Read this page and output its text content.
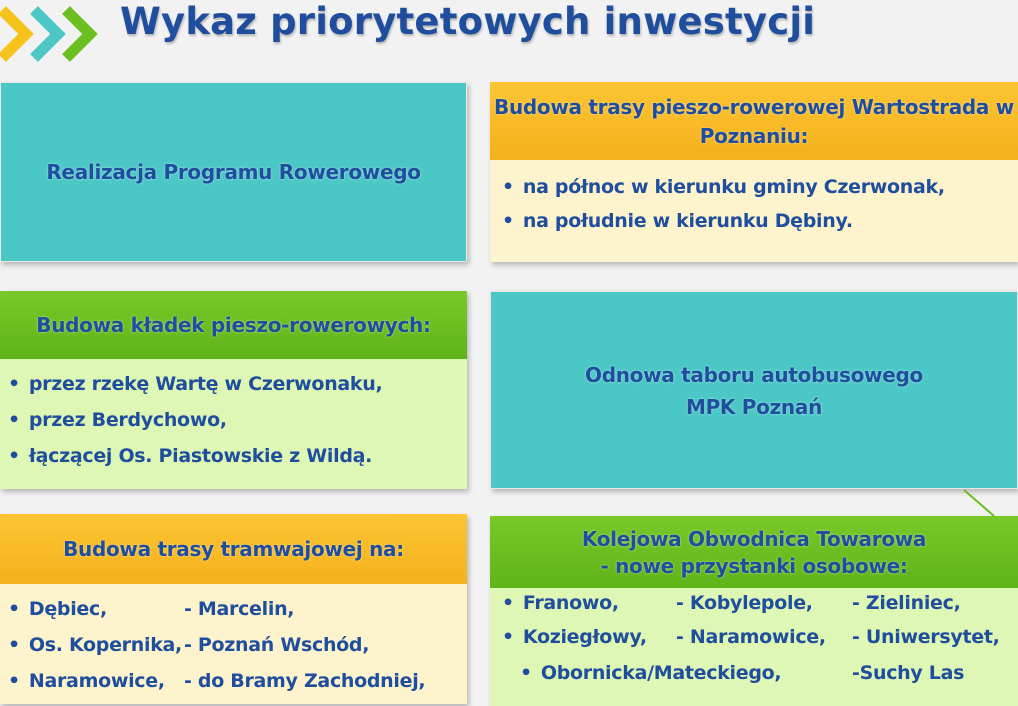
Wykaz priorytetowych inwestycji
Realizacja Programu Rowerowego
Budowa trasy pieszo-rowerowej Wartostrada w
Poznaniu:
• na północ w kierunku gminy Czerwonak,
• na południe w kierunku Dębiny.
Budowa kładek pieszo-rowerowych:
• przez rzekę Wartę w Czerwonaku,
• przez Berdychowo,
• łączącej Os. Piastowskie z Wildą.
Odnowa taboru autobusowego
MPK Poznań
Budowa trasy tramwajowej na:
• Dębiec,
• Os. Kopernika,
• Naramowice,
- Marcelin,
- Poznań Wschód,
- do Bramy Zachodniej,
Kolejowa Obwodnica Towarowa
- nowe przystanki osobowe:
• Franowo,	- Kobylepole, - Zieliniec,
• Koziegłowy, - Naramowice, - Uniwersytet,
• Obornicka/Mateckiego,	-Suchy Las
